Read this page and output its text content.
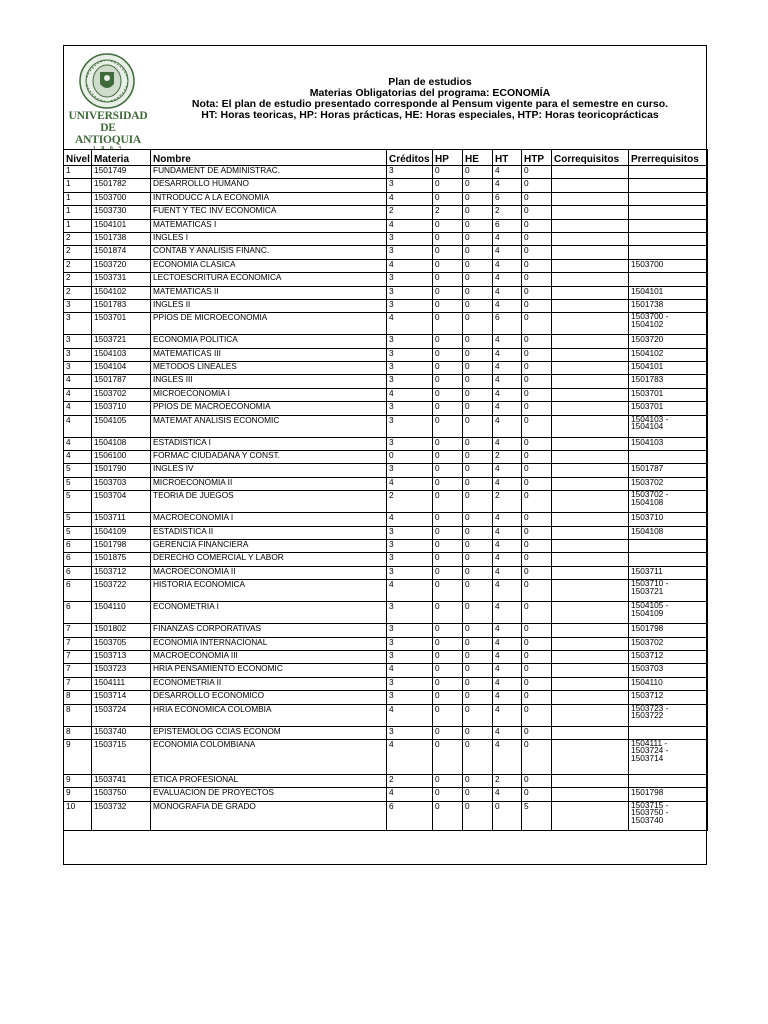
UNIVERSIDAD
DE ANTIOQUIA
1 8 0 3
Plan de estudios
Materias Obligatorias del programa: ECONOMÍA
Nota: El plan de estudio presentado corresponde al Pensum vigente para el semestre en curso.
HT: Horas teoricas, HP: Horas prácticas, HE: Horas especiales, HTP: Horas teoricoprácticas
Nivel	Materia	Nombre	Créditos	HP	HE	HT	HTP	Correquisitos	Prerrequisitos
1	1501749	FUNDAMENT DE ADMINISTRAC.	3	0	0	4	0		
1	1501782	DESARROLLO HUMANO	3	0	0	4	0		
1	1503700	INTRODUCC A LA ECONOMIA	4	0	0	6	0		
1	1503730	FUENT Y TEC INV ECONOMICA	2	2	0	2	0		
1	1504101	MATEMATICAS I	4	0	0	6	0		
2	1501738	INGLES I	3	0	0	4	0		
2	1501874	CONTAB Y ANALISIS FINANC.	3	0	0	4	0		
2	1503720	ECONOMIA CLASICA	4	0	0	4	0		1503700
2	1503731	LECTOESCRITURA ECONOMICA	3	0	0	4	0		
2	1504102	MATEMATICAS II	3	0	0	4	0		1504101
3	1501783	INGLES II	3	0	0	4	0		1501738
3	1503701	PPIOS DE MICROECONOMIA	4	0	0	6	0		1503700 -
1504102

3	1503721	ECONOMIA POLITICA	3	0	0	4	0		1503720
3	1504103	MATEMATICAS III	3	0	0	4	0		1504102
3	1504104	METODOS LINEALES	3	0	0	4	0		1504101
4	1501787	INGLES III	3	0	0	4	0		1501783
4	1503702	MICROECONOMIA I	4	0	0	4	0		1503701
4	1503710	PPIOS DE MACROECONOMIA	3	0	0	4	0		1503701
4	1504105	MATEMAT ANALISIS ECONOMIC	3	0	0	4	0		1504103 -
1504104

4	1504108	ESTADISTICA I	3	0	0	4	0		1504103
4	1506100	FORMAC CIUDADANA Y CONST.	0	0	0	2	0		
5	1501790	INGLES IV	3	0	0	4	0		1501787
5	1503703	MICROECONOMIA II	4	0	0	4	0		1503702
5	1503704	TEORIA DE JUEGOS	2	0	0	2	0		1503702 -
1504108

5	1503711	MACROECONOMIA I	4	0	0	4	0		1503710
5	1504109	ESTADISTICA II	3	0	0	4	0		1504108
6	1501798	GERENCIA FINANCIERA	3	0	0	4	0		
6	1501875	DERECHO COMERCIAL Y LABOR	3	0	0	4	0		
6	1503712	MACROECONOMIA II	3	0	0	4	0		1503711
6	1503722	HISTORIA ECONOMICA	4	0	0	4	0		1503710 -
1503721

6	1504110	ECONOMETRIA I	3	0	0	4	0		1504105 -
1504109

7	1501802	FINANZAS CORPORATIVAS	3	0	0	4	0		1501798
7	1503705	ECONOMIA INTERNACIONAL	3	0	0	4	0		1503702
7	1503713	MACROECONOMIA III	3	0	0	4	0		1503712
7	1503723	HRIA PENSAMIENTO ECONOMIC	4	0	0	4	0		1503703
7	1504111	ECONOMETRIA II	3	0	0	4	0		1504110
8	1503714	DESARROLLO ECONOMICO	3	0	0	4	0		1503712
8	1503724	HRIA ECONOMICA COLOMBIA	4	0	0	4	0		1503723 -
1503722

8	1503740	EPISTEMOLOG CCIAS ECONOM	3	0	0	4	0		
9	1503715	ECONOMIA COLOMBIANA	4	0	0	4	0		1504111 -
1503724 -
1503714

9	1503741	ETICA PROFESIONAL	2	0	0	2	0		
9	1503750	EVALUACION DE PROYECTOS	4	0	0	4	0		1501798
10	1503732	MONOGRAFIA DE GRADO	6	0	0	0	5		1503715 -
1503750 -
1503740
